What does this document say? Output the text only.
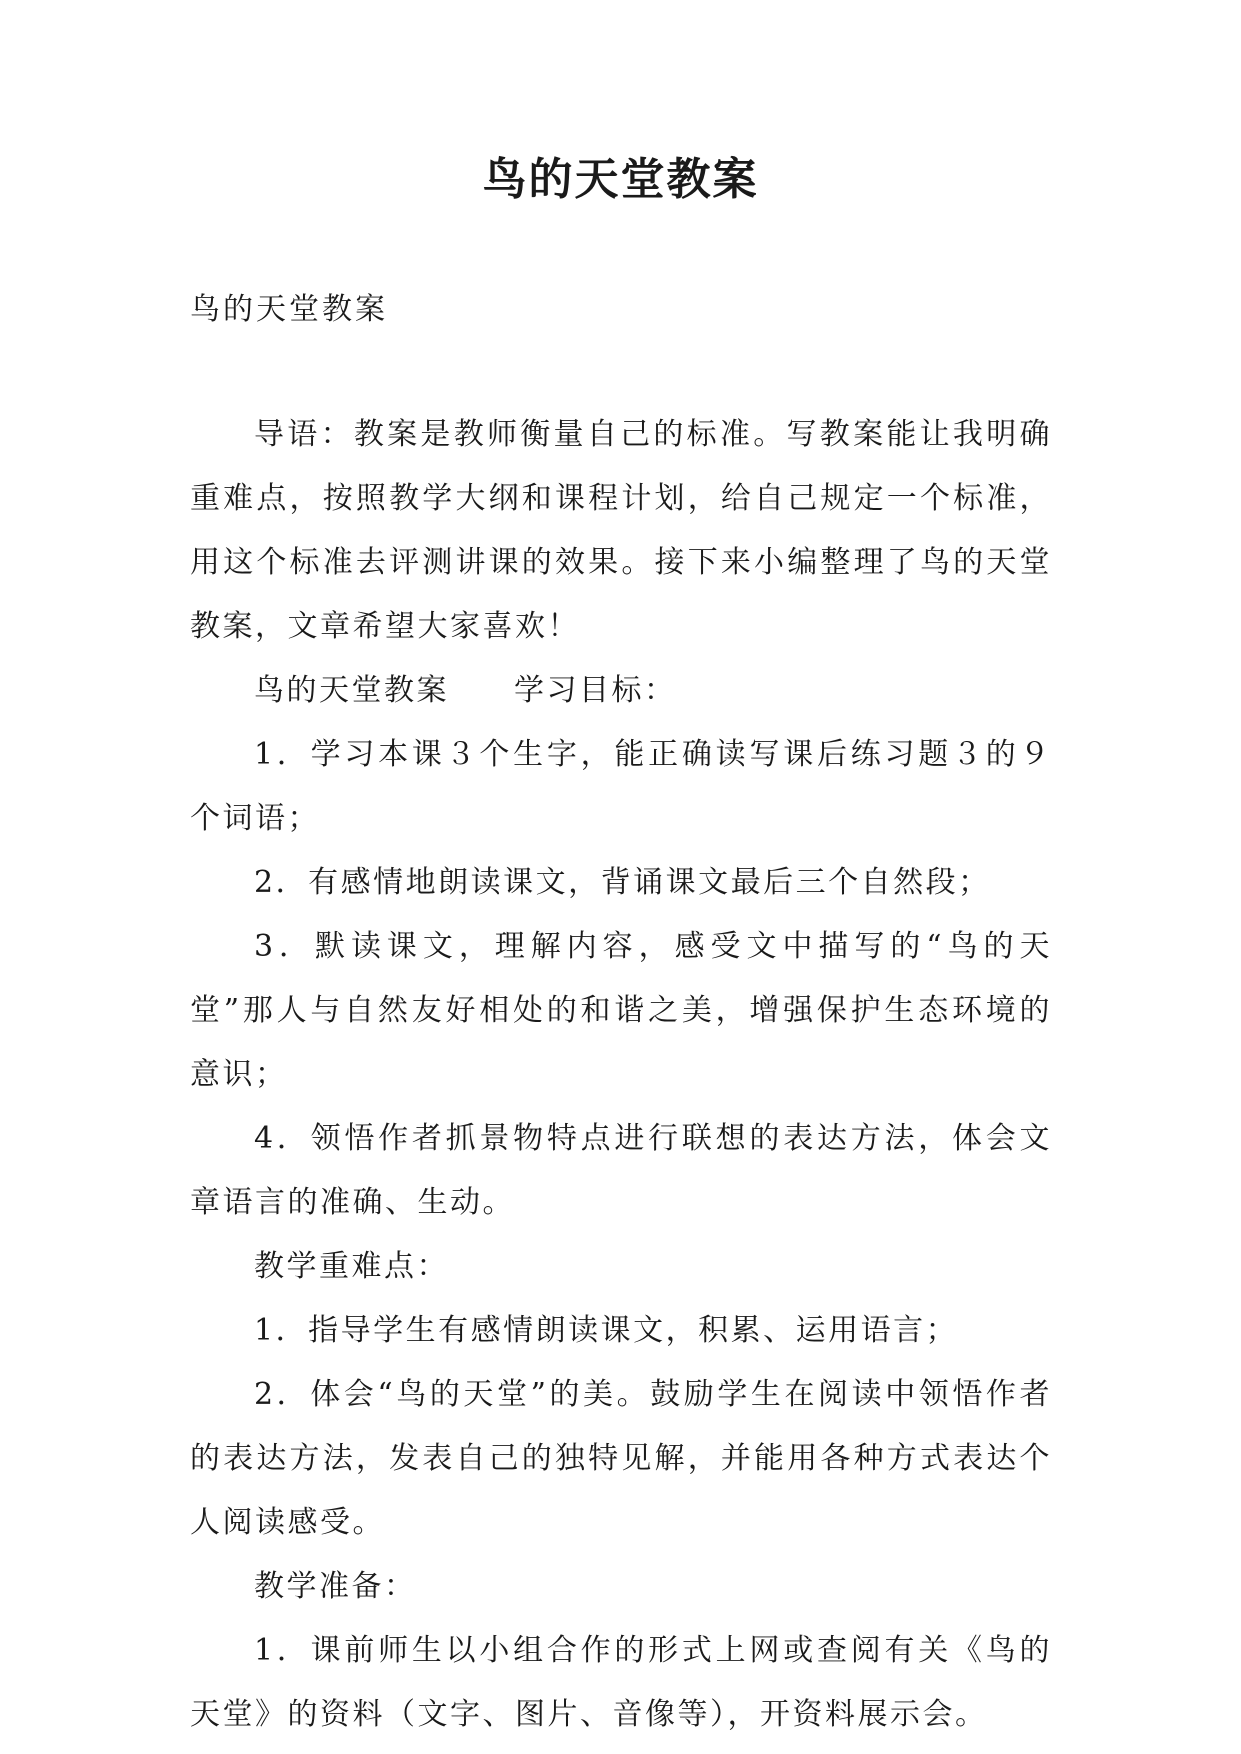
鸟的天堂教案
鸟的天堂教案

导语：教案是教师衡量自己的标准。写教案能让我明确重难点，按照教学大纲和课程计划，给自己规定一个标准，用这个标准去评测讲课的效果。接下来小编整理了鸟的天堂教案，文章希望大家喜欢！

鸟的天堂教案　　学习目标：

1．学习本课３个生字，能正确读写课后练习题３的９个词语；

2．有感情地朗读课文，背诵课文最后三个自然段；

3．默读课文，理解内容，感受文中描写的“鸟的天堂”那人与自然友好相处的和谐之美，增强保护生态环境的意识；

4．领悟作者抓景物特点进行联想的表达方法，体会文章语言的准确、生动。

教学重难点：

1．指导学生有感情朗读课文，积累、运用语言；

2．体会“鸟的天堂”的美。鼓励学生在阅读中领悟作者的表达方法，发表自己的独特见解，并能用各种方式表达个人阅读感受。

教学准备：

1．课前师生以小组合作的形式上网或查阅有关《鸟的天堂》的资料（文字、图片、音像等），开资料展示会。
